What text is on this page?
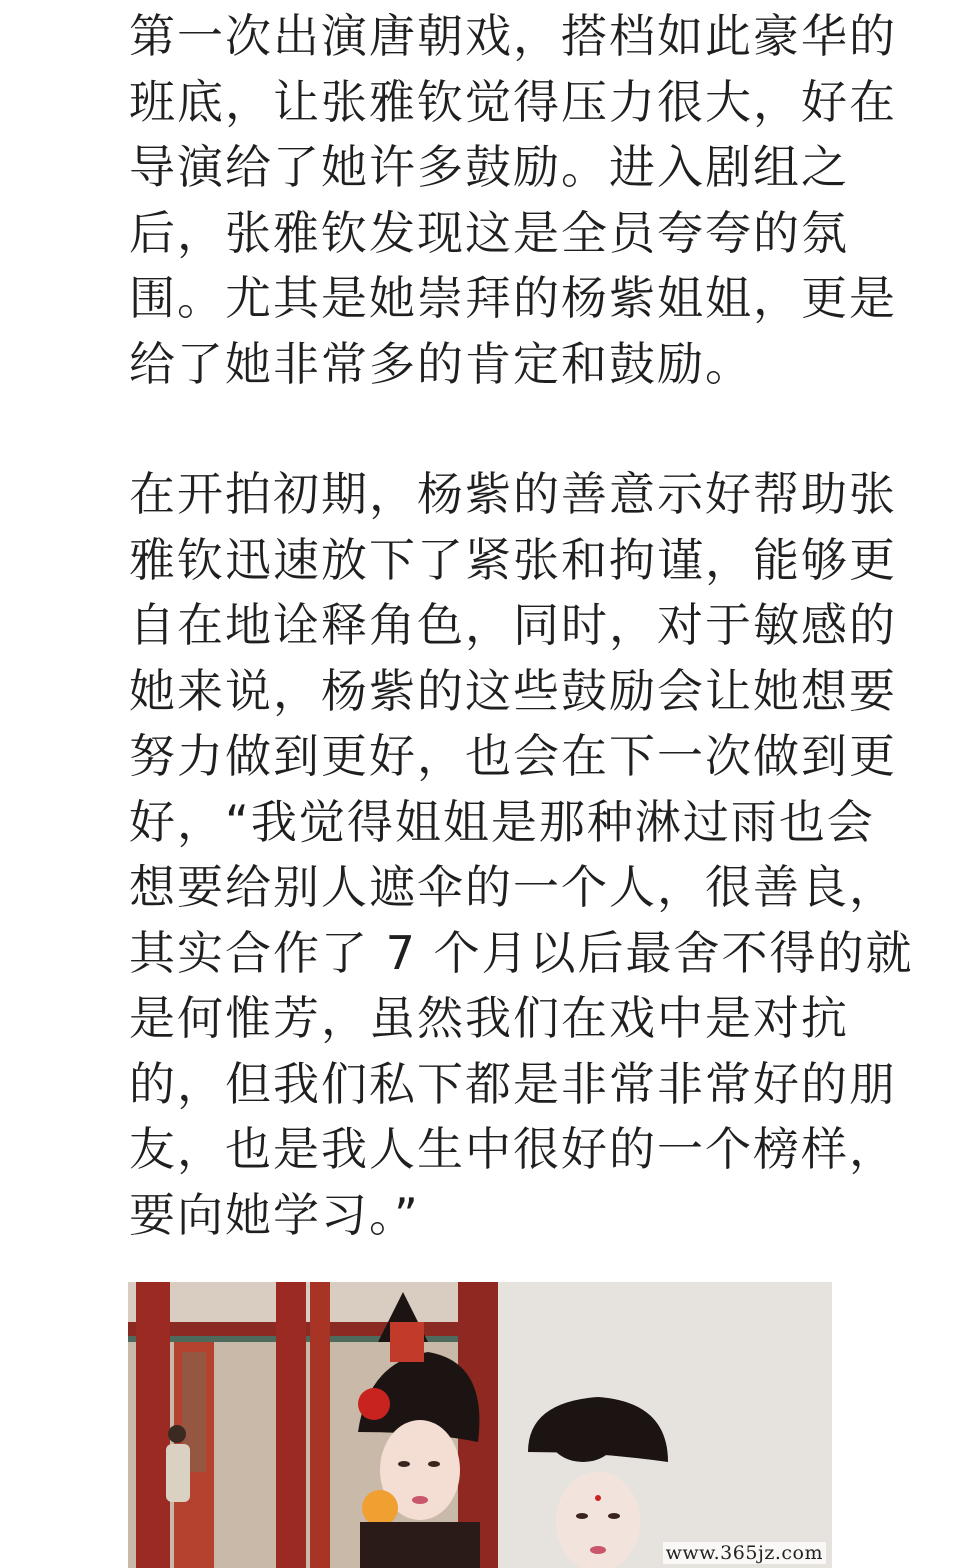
第一次出演唐朝戏，搭档如此豪华的
班底，让张雅钦觉得压力很大，好在
导演给了她许多鼓励。进入剧组之
后，张雅钦发现这是全员夸夸的氛
围。尤其是她崇拜的杨紫姐姐，更是
给了她非常多的肯定和鼓励。
在开拍初期，杨紫的善意示好帮助张
雅钦迅速放下了紧张和拘谨，能够更
自在地诠释角色，同时，对于敏感的
她来说，杨紫的这些鼓励会让她想要
努力做到更好，也会在下一次做到更
好，“我觉得姐姐是那种淋过雨也会
想要给别人遮伞的一个人，很善良，
其实合作了 7 个月以后最舍不得的就
是何惟芳，虽然我们在戏中是对抗
的，但我们私下都是非常非常好的朋
友，也是我人生中很好的一个榜样，
要向她学习。”
www.365jz.com
